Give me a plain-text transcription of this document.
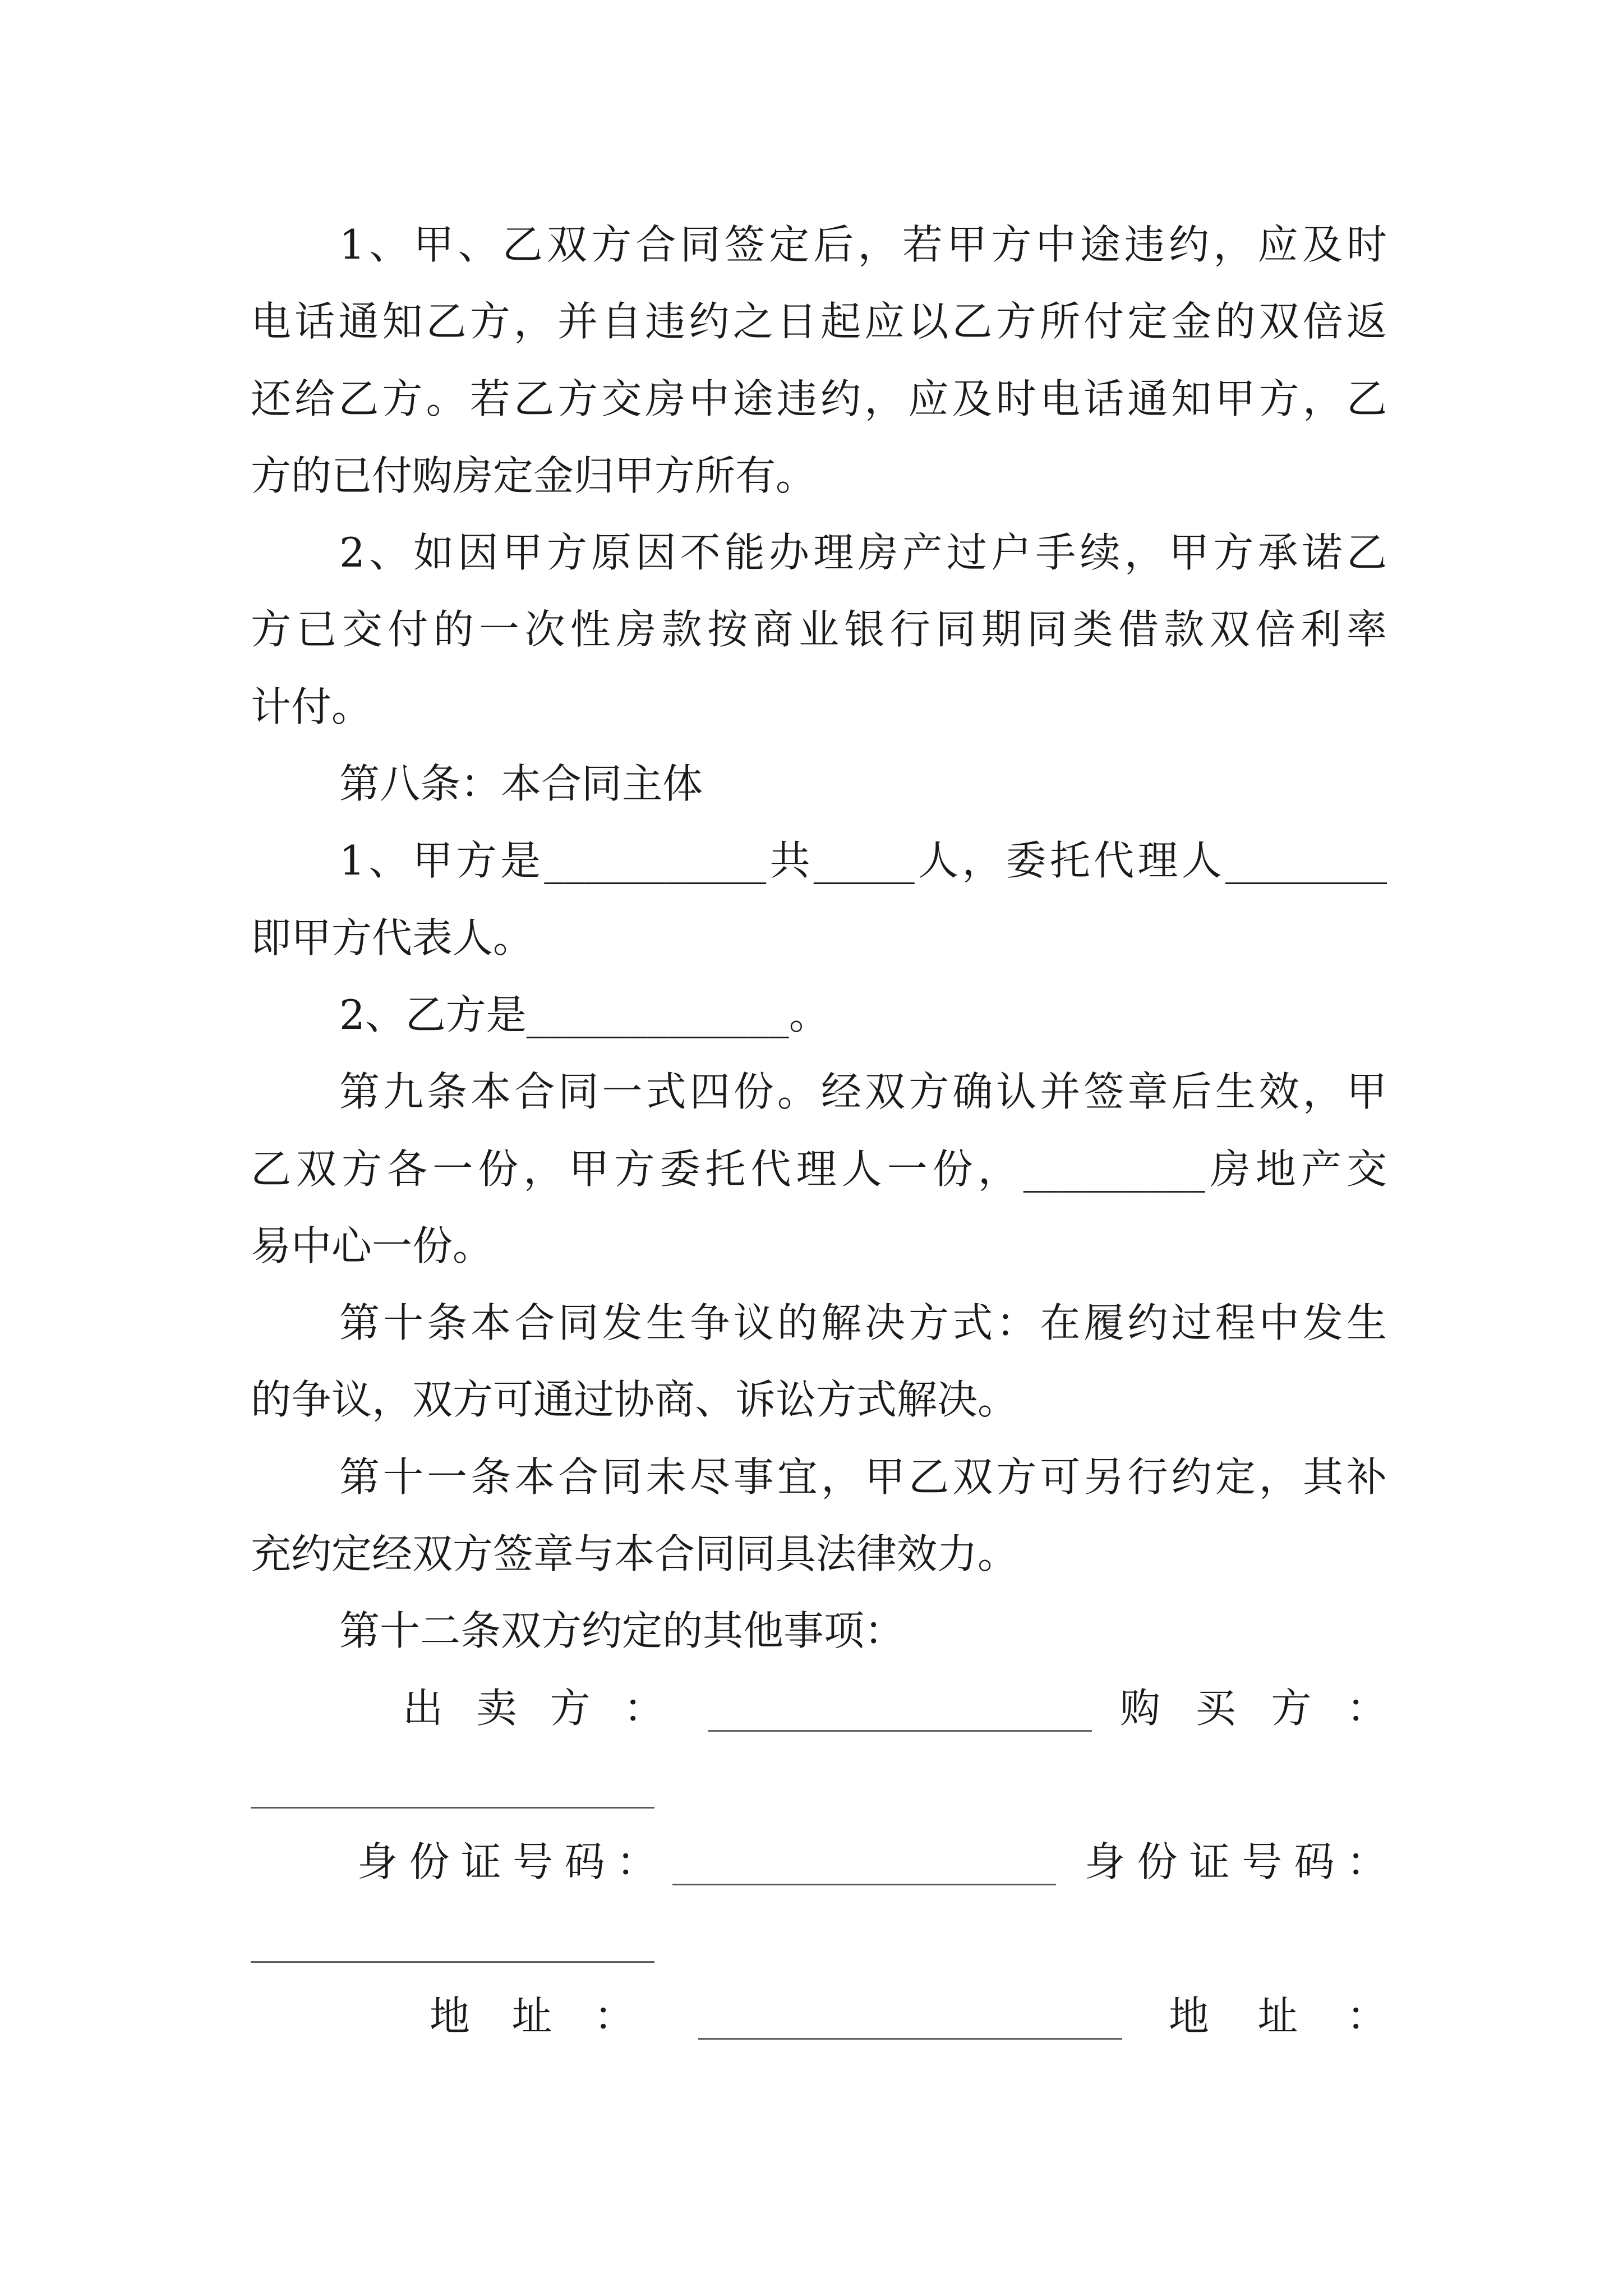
1、甲、乙双方合同签定后，若甲方中途违约，应及时
电话通知乙方，并自违约之日起应以乙方所付定金的双倍返
还给乙方。若乙方交房中途违约，应及时电话通知甲方，乙
方的已付购房定金归甲方所有。
2、如因甲方原因不能办理房产过户手续，甲方承诺乙
方已交付的一次性房款按商业银行同期同类借款双倍利率
计付。
第八条：本合同主体
1、甲方是___________共_____人，委托代理人________
即甲方代表人。
2、乙方是_____________。
第九条本合同一式四份。经双方确认并签章后生效，甲
乙双方各一份，甲方委托代理人一份，_________房地产交
易中心一份。
第十条本合同发生争议的解决方式：在履约过程中发生
的争议，双方可通过协商、诉讼方式解决。
第十一条本合同未尽事宜，甲乙双方可另行约定，其补
充约定经双方签章与本合同同具法律效力。
第十二条双方约定的其他事项：
出卖方： ___________________ 购买方：
____________________
身份证号码： ___________________ 身份证号码：
____________________
地址： _____________________ 地址：
